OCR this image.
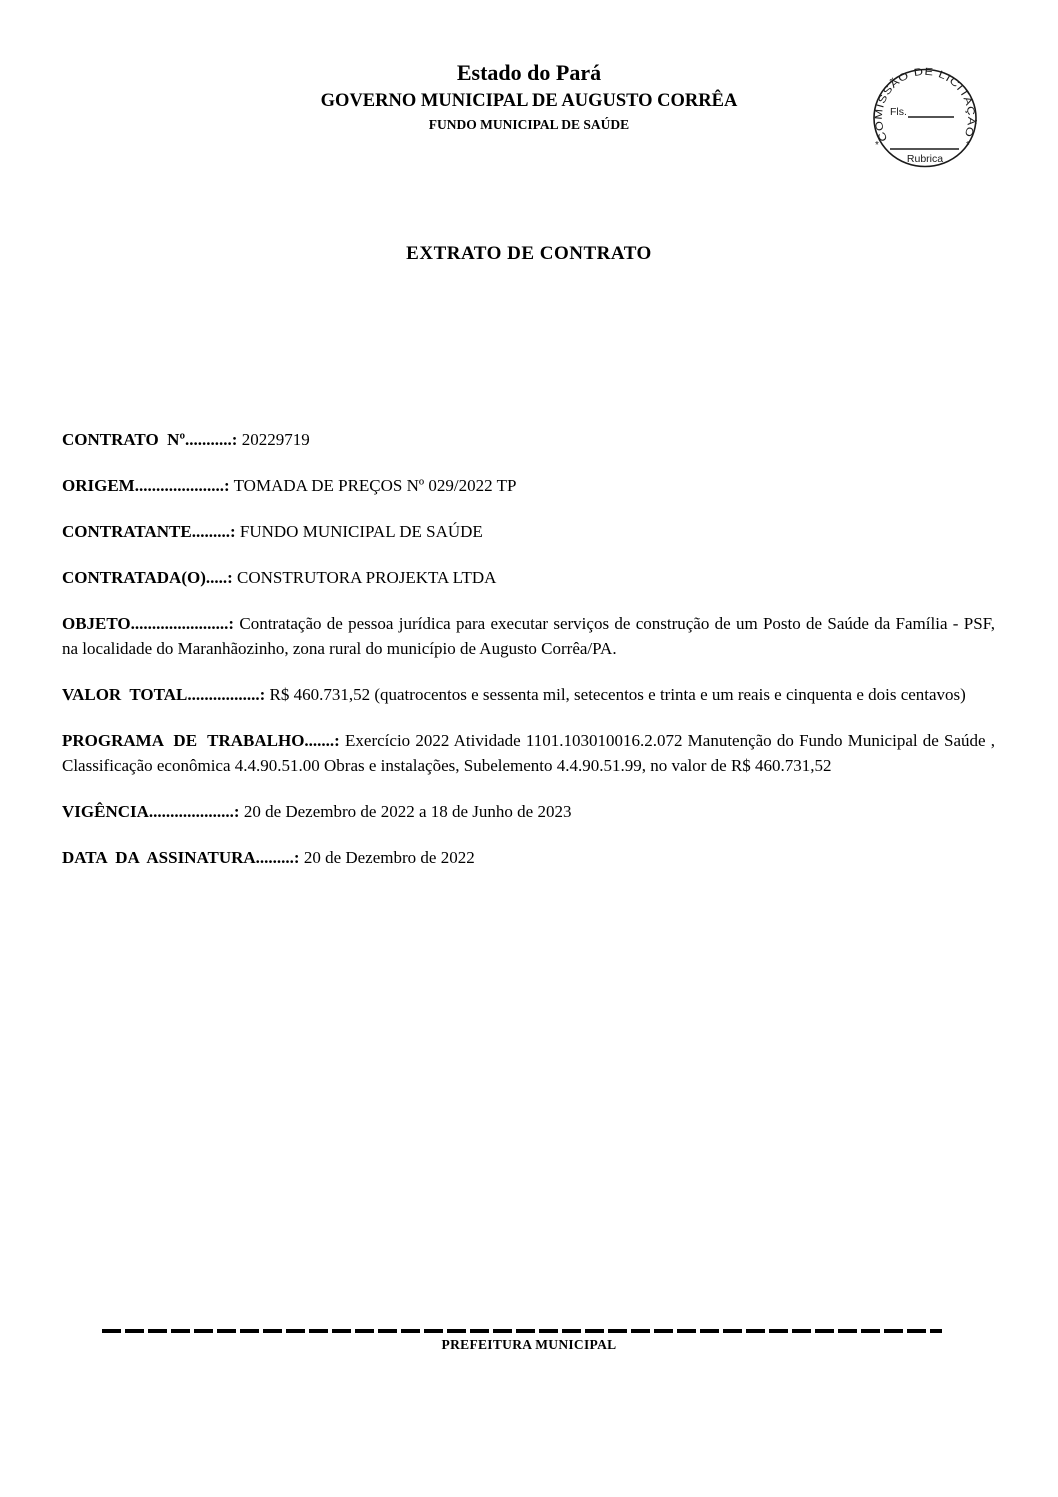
Estado do Pará
GOVERNO MUNICIPAL DE AUGUSTO CORRÊA
FUNDO MUNICIPAL DE SAÚDE
COMISSÃO DE LICITAÇÃO
*	*
Fls.
Rubrica
EXTRATO DE CONTRATO

CONTRATO  Nº...........: 20229719

ORIGEM.....................: TOMADA DE PREÇOS Nº 029/2022 TP

CONTRATANTE.........: FUNDO MUNICIPAL DE SAÚDE

CONTRATADA(O).....: CONSTRUTORA PROJEKTA LTDA

OBJETO.......................: Contratação de pessoa jurídica para executar serviços de construção de um Posto de Saúde da Família - PSF, na localidade do Maranhãozinho, zona rural do município de Augusto Corrêa/PA.

VALOR  TOTAL.................: R$ 460.731,52 (quatrocentos e sessenta mil, setecentos e trinta e um reais e cinquenta e dois centavos)

PROGRAMA  DE  TRABALHO.......: Exercício 2022 Atividade 1101.103010016.2.072 Manutenção do Fundo Municipal de Saúde , Classificação econômica 4.4.90.51.00 Obras e instalações, Subelemento 4.4.90.51.99, no valor de R$ 460.731,52

VIGÊNCIA....................: 20 de Dezembro de 2022 a 18 de Junho de 2023

DATA  DA  ASSINATURA.........: 20 de Dezembro de 2022

PREFEITURA MUNICIPAL
